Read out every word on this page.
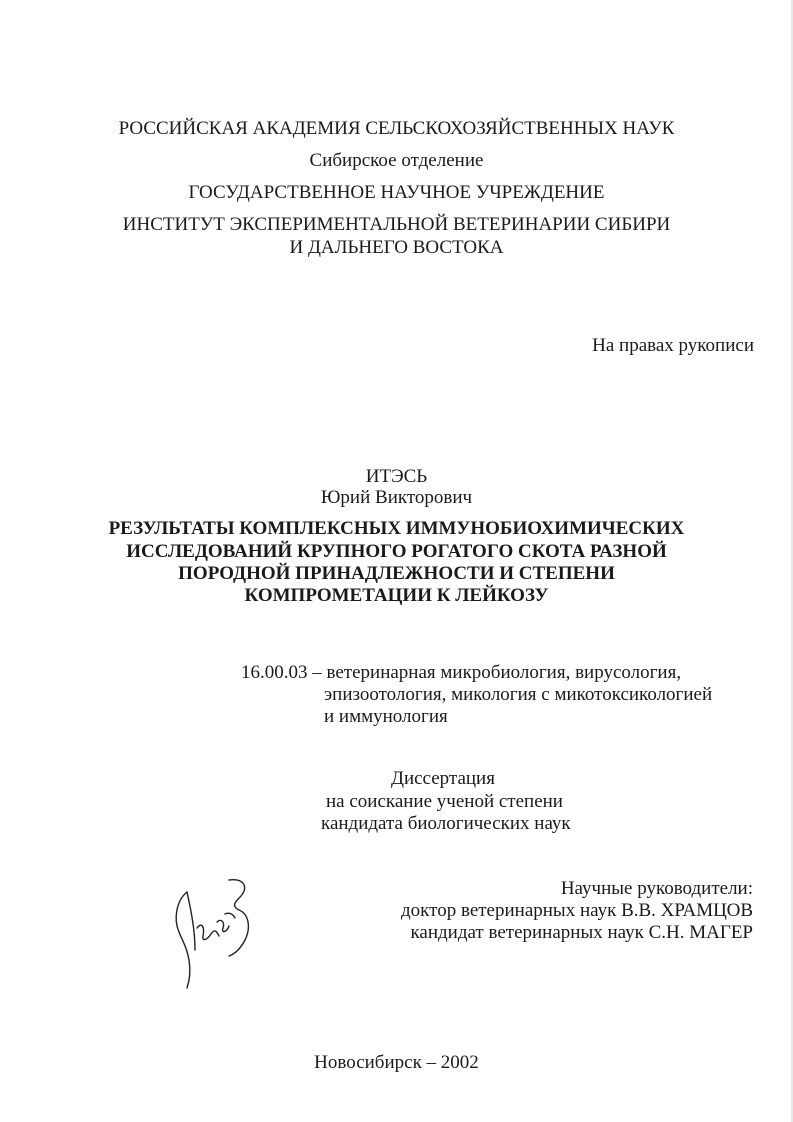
РОССИЙСКАЯ АКАДЕМИЯ СЕЛЬСКОХОЗЯЙСТВЕННЫХ НАУК
Сибирское отделение
ГОСУДАРСТВЕННОЕ НАУЧНОЕ УЧРЕЖДЕНИЕ
ИНСТИТУТ ЭКСПЕРИМЕНТАЛЬНОЙ ВЕТЕРИНАРИИ СИБИРИ
И ДАЛЬНЕГО ВОСТОКА
На правах рукописи
ИТЭСЬ
Юрий Викторович
РЕЗУЛЬТАТЫ КОМПЛЕКСНЫХ ИММУНОБИОХИМИЧЕСКИХ
ИССЛЕДОВАНИЙ КРУПНОГО РОГАТОГО СКОТА РАЗНОЙ
ПОРОДНОЙ ПРИНАДЛЕЖНОСТИ И СТЕПЕНИ
КОМПРОМЕТАЦИИ К ЛЕЙКОЗУ
16.00.03 – ветеринарная микробиология, вирусология,
эпизоотология, микология с микотоксикологией
и иммунология
Диссертация
на соискание ученой степени
кандидата биологических наук
Научные руководители:
доктор ветеринарных наук В.В. ХРАМЦОВ
кандидат ветеринарных наук С.Н. МАГЕР
Новосибирск – 2002
